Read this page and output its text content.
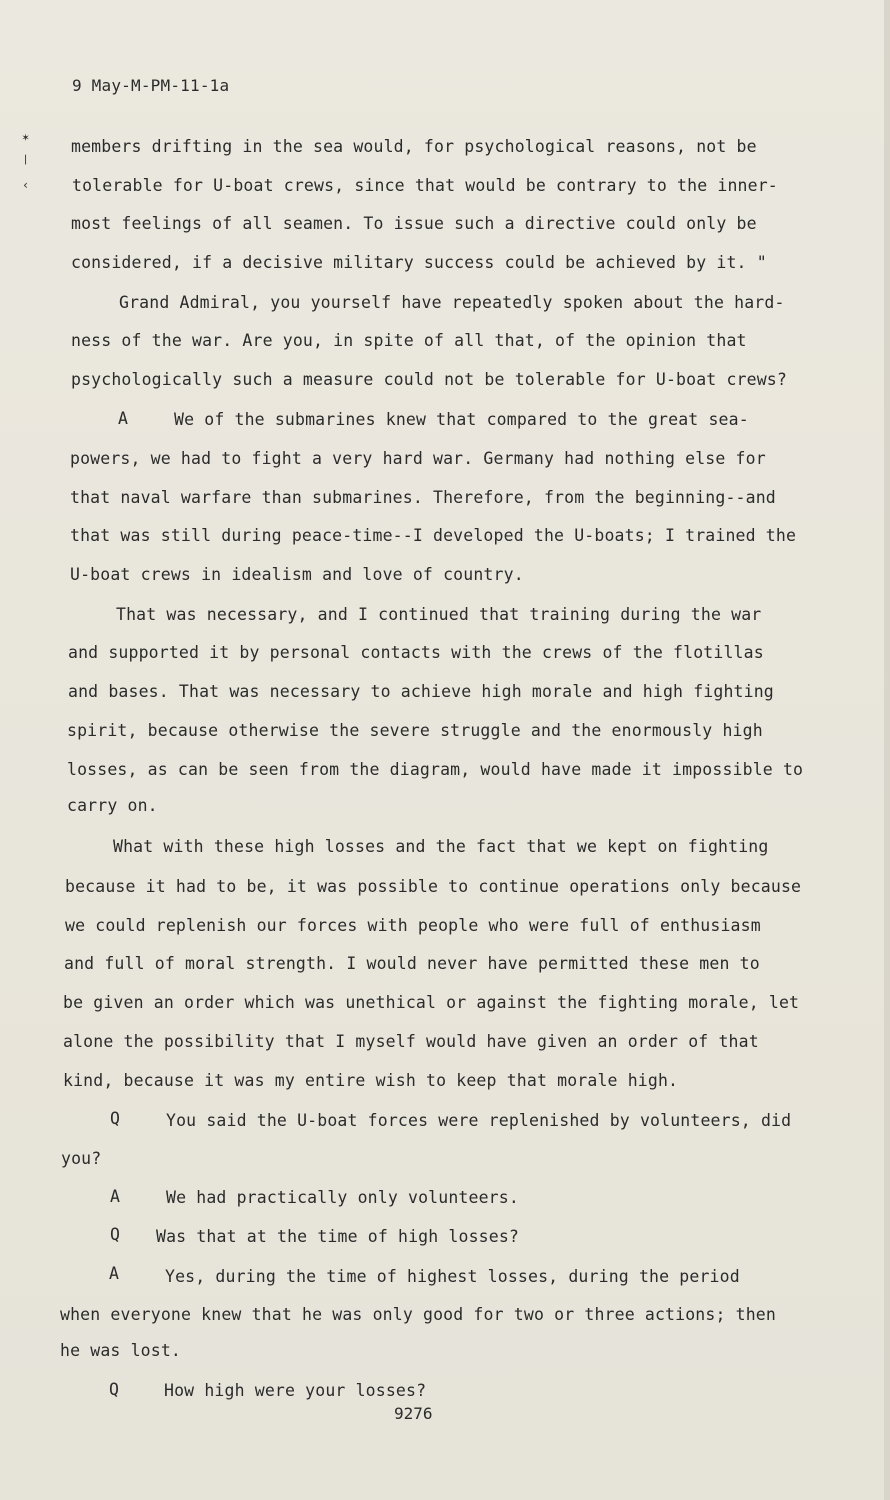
✶
❘
‹
9 May-M-PM-11-1a
members drifting in the sea would, for psychological reasons, not be
tolerable for U-boat crews, since that would be contrary to the inner-
most feelings of all seamen. To issue such a directive could only be
considered, if a decisive military success could be achieved by it. "
Grand Admiral, you yourself have repeatedly spoken about the hard-
ness of the war. Are you, in spite of all that, of the opinion that
psychologically such a measure could not be tolerable for U-boat crews?
A	We of the submarines knew that compared to the great sea-
powers, we had to fight a very hard war. Germany had nothing else for
that naval warfare than submarines. Therefore, from the beginning--and
that was still during peace-time--I developed the U-boats; I trained the
U-boat crews in idealism and love of country.
That was necessary, and I continued that training during the war
and supported it by personal contacts with the crews of the flotillas
and bases. That was necessary to achieve high morale and high fighting
spirit, because otherwise the severe struggle and the enormously high
losses, as can be seen from the diagram, would have made it impossible to
carry on.
What with these high losses and the fact that we kept on fighting
because it had to be, it was possible to continue operations only because
we could replenish our forces with people who were full of enthusiasm
and full of moral strength. I would never have permitted these men to
be given an order which was unethical or against the fighting morale, let
alone the possibility that I myself would have given an order of that
kind, because it was my entire wish to keep that morale high.
Q	You said the U-boat forces were replenished by volunteers, did
you?
A	We had practically only volunteers.
Q Was that at the time of high losses?
A	Yes, during the time of highest losses, during the period
when everyone knew that he was only good for two or three actions; then
he was lost.
Q	How high were your losses?
9276
